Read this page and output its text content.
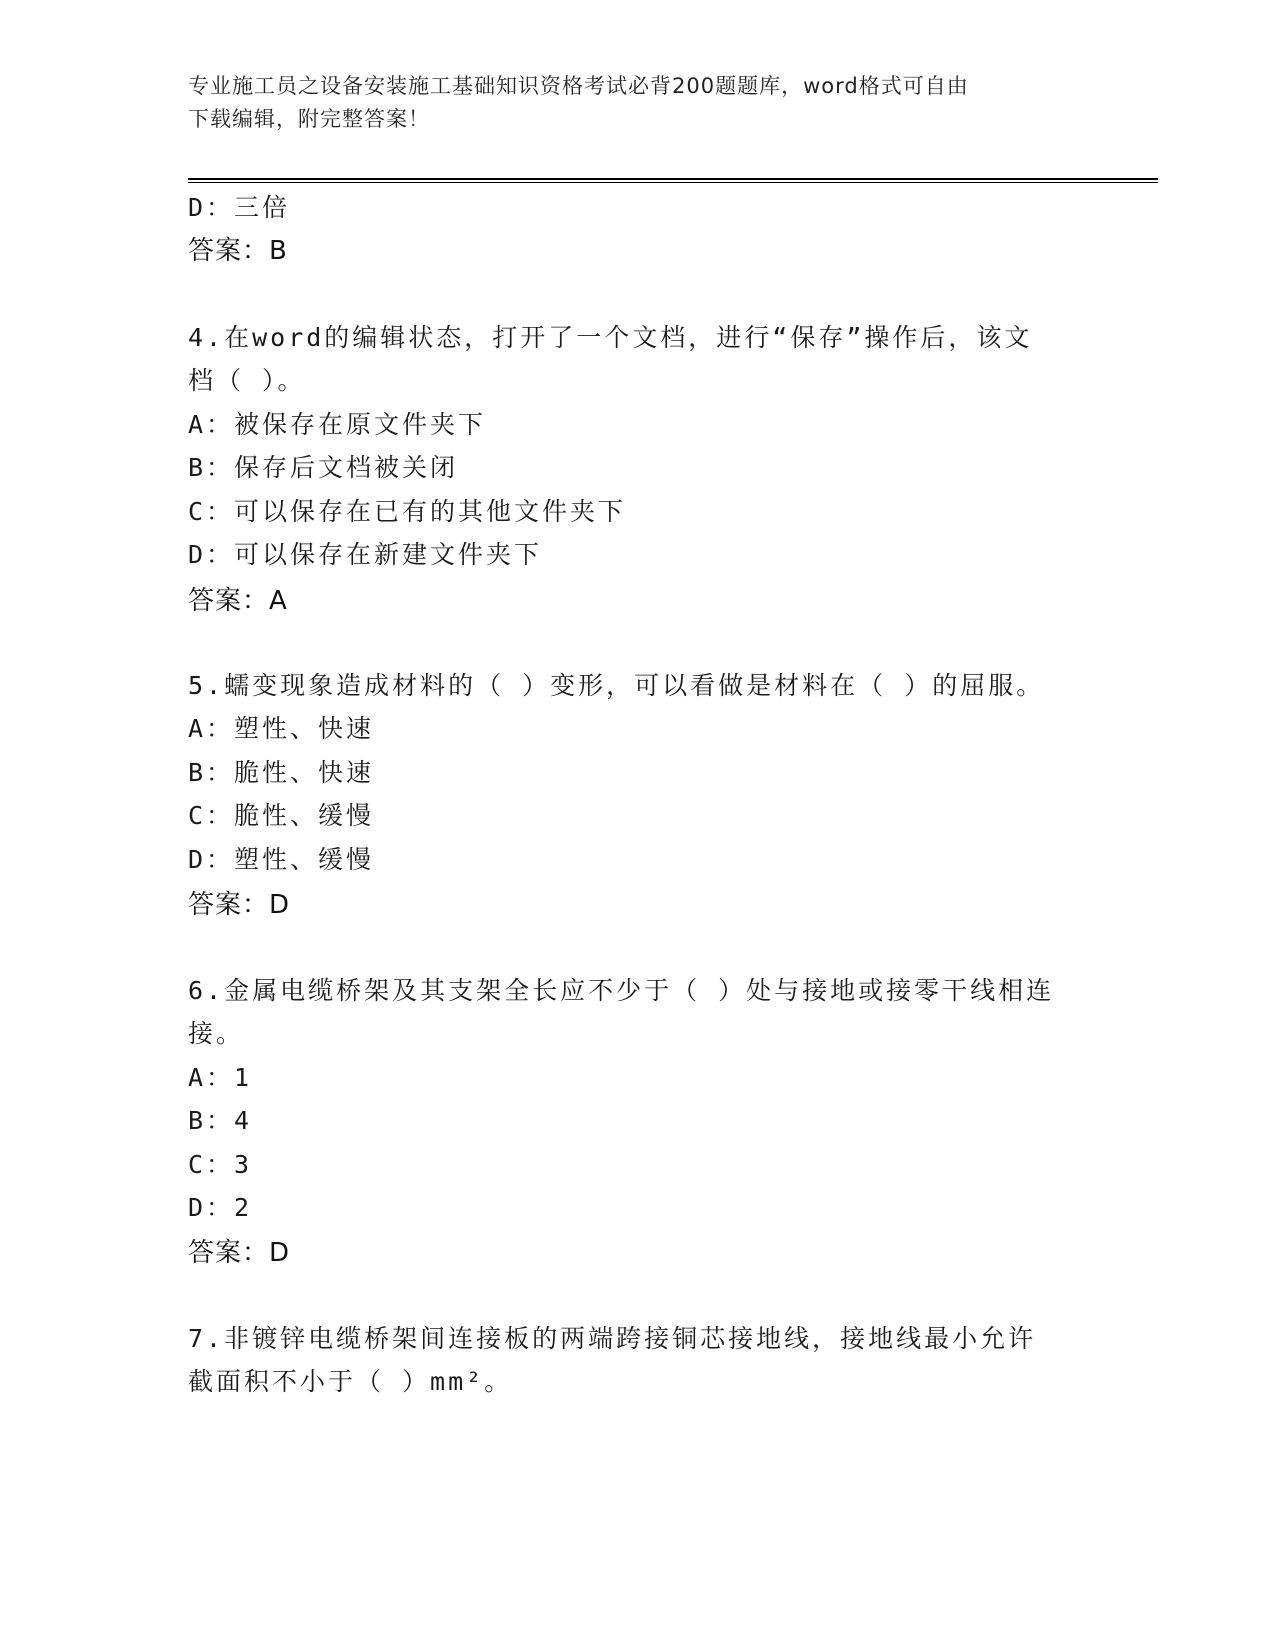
专业施工员之设备安装施工基础知识资格考试必背200题题库，word格式可自由
下载编辑，附完整答案！
D：三倍
答案：B
4.在word的编辑状态，打开了一个文档，进行“保存”操作后，该文
档（ ）。
A：被保存在原文件夹下
B：保存后文档被关闭
C：可以保存在已有的其他文件夹下
D：可以保存在新建文件夹下
答案：A
5.蠕变现象造成材料的（ ）变形，可以看做是材料在（ ）的屈服。
A：塑性、快速
B：脆性、快速
C：脆性、缓慢
D：塑性、缓慢
答案：D
6.金属电缆桥架及其支架全长应不少于（ ）处与接地或接零干线相连
接。
A：1
B：4
C：3
D：2
答案：D
7.非镀锌电缆桥架间连接板的两端跨接铜芯接地线，接地线最小允许
截面积不小于（ ）mm²。
